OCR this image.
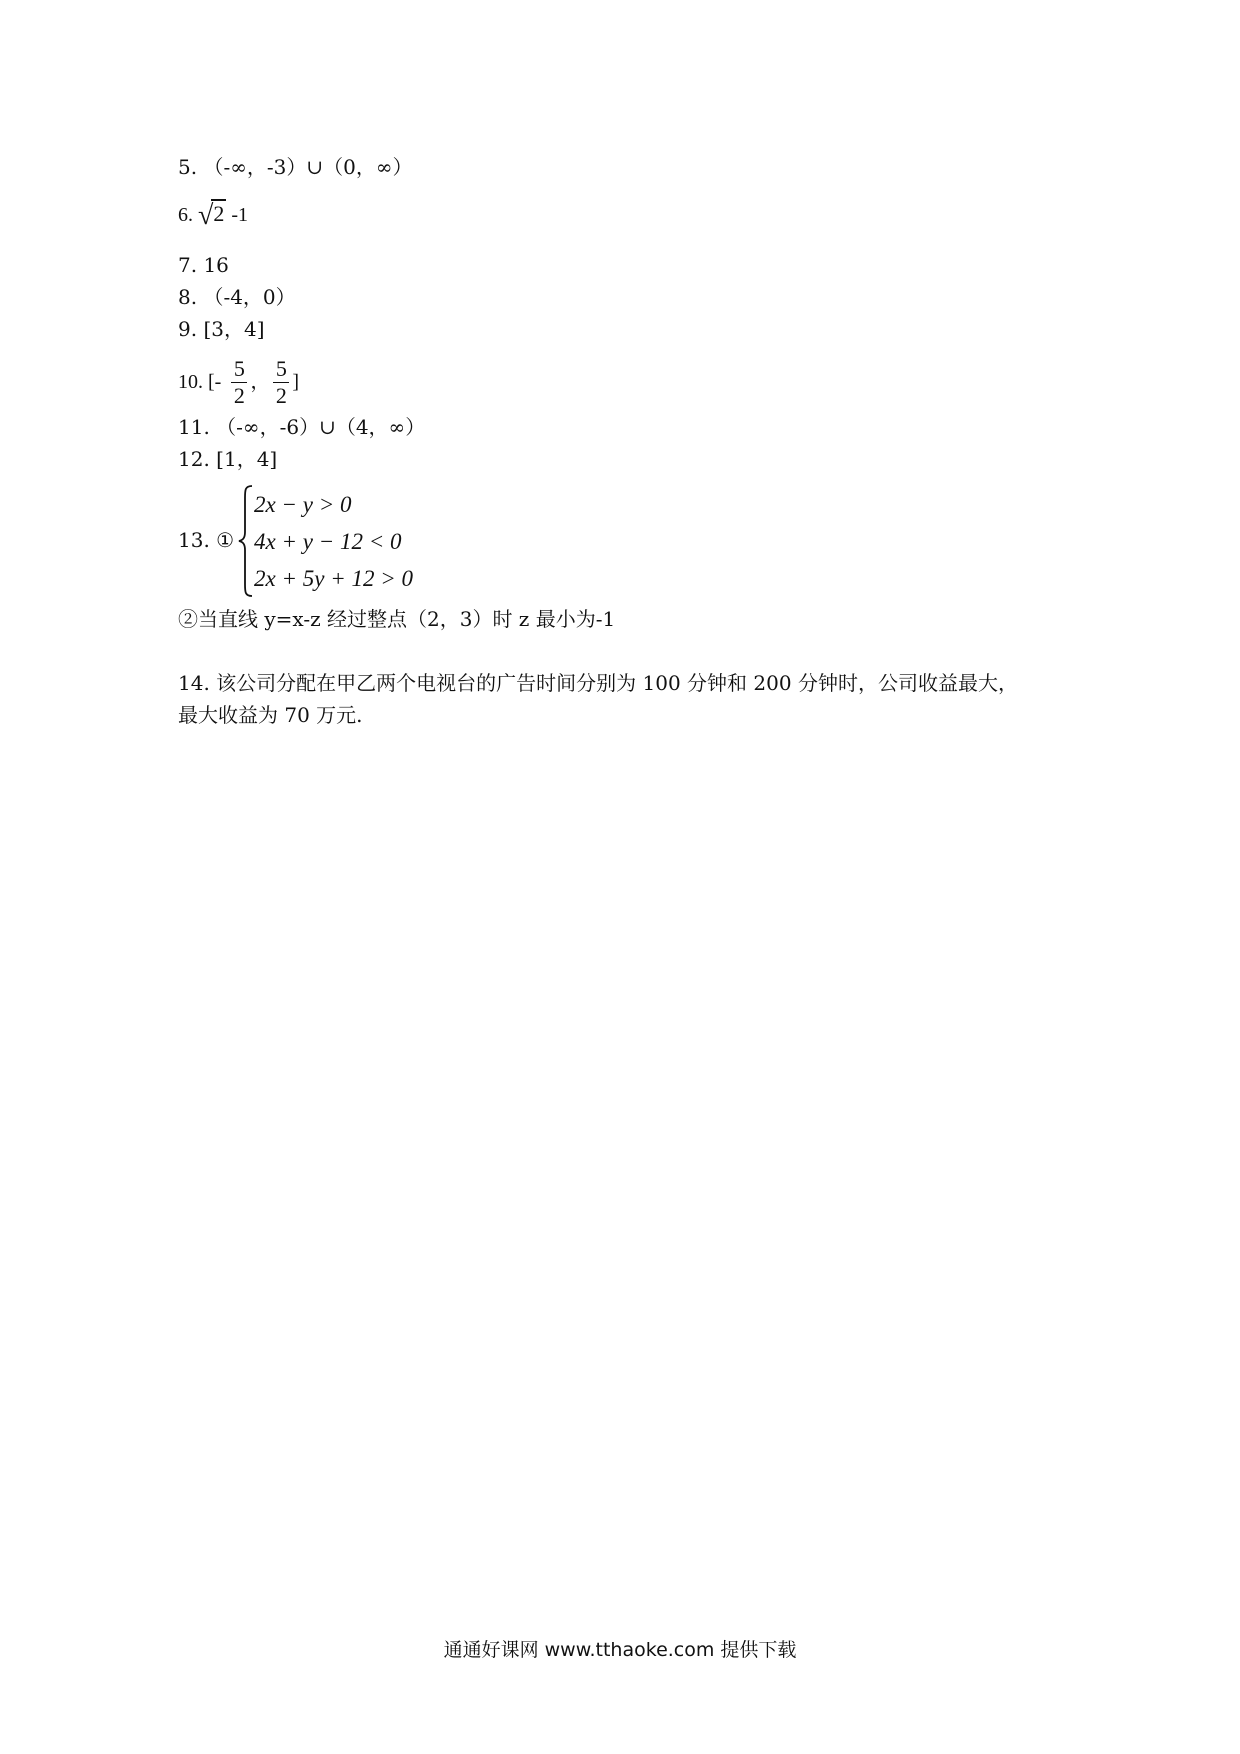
5. （-∞，-3）∪（0，∞）
6. √2 -1
7. 16
8. （-4，0）
9. [3，4]
10. [- $\frac{5}{2}$ ， $\frac{5}{2}$ ]
11. （-∞，-6）∪（4，∞）
12. [1，4]
13. ①
2x − y > 0
4x + y − 12 < 0
2x + 5y + 12 > 0
②当直线 y=x-z 经过整点（2，3）时 z 最小为-1
14. 该公司分配在甲乙两个电视台的广告时间分别为 100 分钟和 200 分钟时，公司收益最大，
最大收益为 70 万元.
通通好课网 www.tthaoke.com 提供下载
